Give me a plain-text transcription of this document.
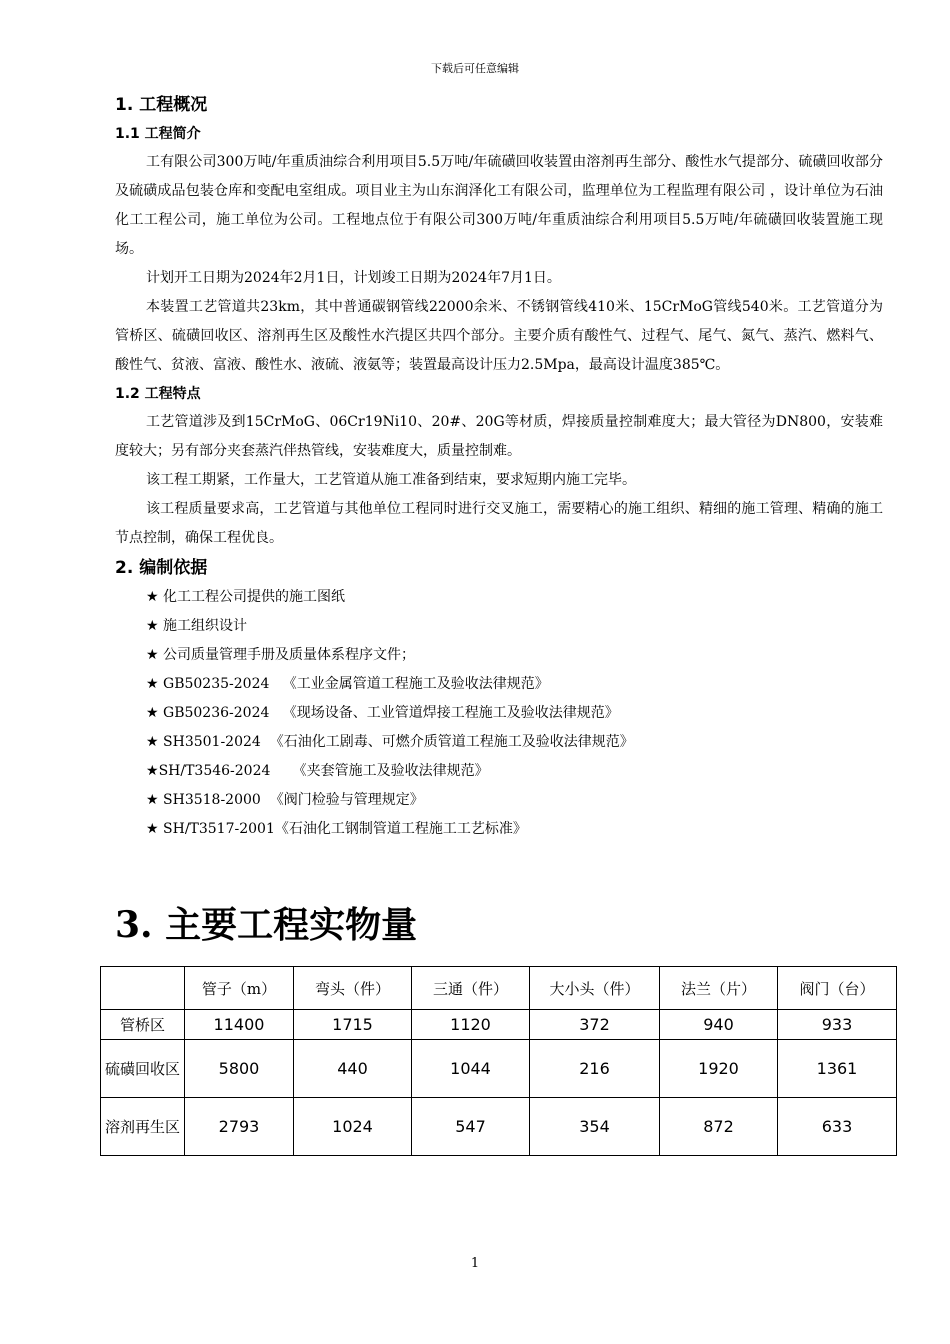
下载后可任意编辑
1. 工程概况
1.1 工程简介

工有限公司300万吨/年重质油综合利用项目5.5万吨/年硫磺回收装置由溶剂再生部分、酸性水气提部分、硫磺回收部分及硫磺成品包装仓库和变配电室组成。项目业主为山东润泽化工有限公司，监理单位为工程监理有限公司 ，设计单位为石油化工工程公司，施工单位为公司。工程地点位于有限公司300万吨/年重质油综合利用项目5.5万吨/年硫磺回收装置施工现场。

计划开工日期为2024年2月1日，计划竣工日期为2024年7月1日。

本装置工艺管道共23km，其中普通碳钢管线22000余米、不锈钢管线410米、15CrMoG管线540米。工艺管道分为管桥区、硫磺回收区、溶剂再生区及酸性水汽提区共四个部分。主要介质有酸性气、过程气、尾气、氮气、蒸汽、燃料气、酸性气、贫液、富液、酸性水、液硫、液氨等；装置最高设计压力2.5Mpa，最高设计温度385℃。

1.2 工程特点

工艺管道涉及到15CrMoG、06Cr19Ni10、20#、20G等材质，焊接质量控制难度大；最大管径为DN800，安装难度较大；另有部分夹套蒸汽伴热管线，安装难度大，质量控制难。

该工程工期紧，工作量大，工艺管道从施工准备到结束，要求短期内施工完毕。

该工程质量要求高，工艺管道与其他单位工程同时进行交叉施工，需要精心的施工组织、精细的施工管理、精确的施工节点控制，确保工程优良。

2. 编制依据
★ 化工工程公司提供的施工图纸
★ 施工组织设计
★ 公司质量管理手册及质量体系程序文件；
★ GB50235-2024   《工业金属管道工程施工及验收法律规范》
★ GB50236-2024   《现场设备、工业管道焊接工程施工及验收法律规范》
★ SH3501-2024  《石油化工剧毒、可燃介质管道工程施工及验收法律规范》
★SH/T3546-2024     《夹套管施工及验收法律规范》
★ SH3518-2000  《阀门检验与管理规定》
★ SH/T3517-2001《石油化工钢制管道工程施工工艺标准》
3. 主要工程实物量
	管子（m）	弯头（件）	三通（件）	大小头（件）	法兰（片）	阀门（台）
管桥区	11400	1715	1120	372	940	933
硫磺回收区	5800	440	1044	216	1920	1361
溶剂再生区	2793	1024	547	354	872	633
1
